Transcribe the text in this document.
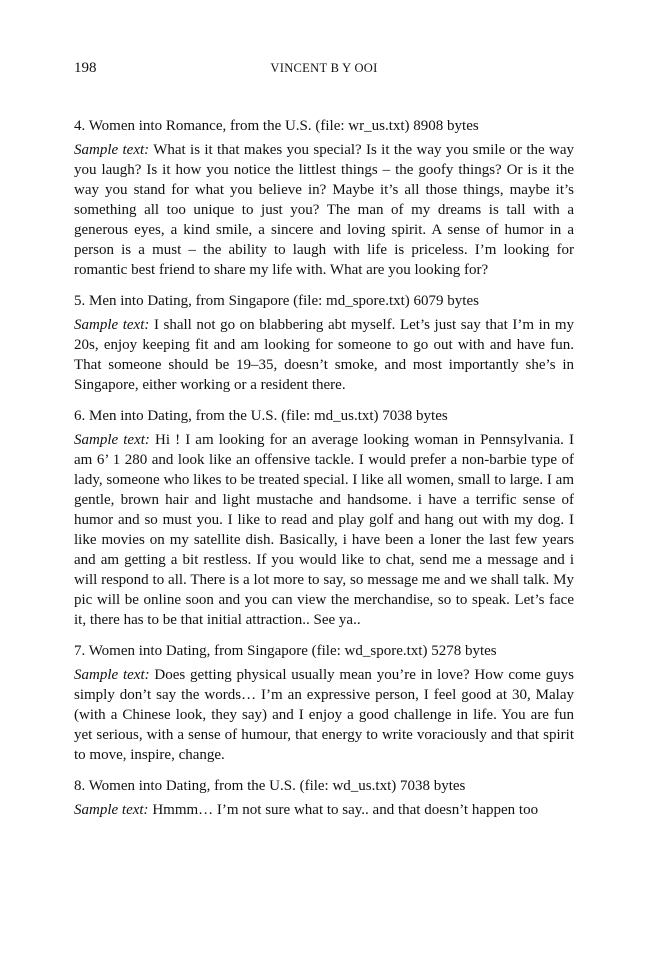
198	VINCENT B Y OOI

4. Women into Romance, from the U.S. (file: wr_us.txt) 8908 bytes

Sample text: What is it that makes you special? Is it the way you smile or the way you laugh? Is it how you notice the littlest things – the goofy things? Or is it the way you stand for what you believe in? Maybe it’s all those things, maybe it’s something all too unique to just you? The man of my dreams is tall with a generous eyes, a kind smile, a sincere and loving spirit. A sense of humor in a person is a must – the ability to laugh with life is priceless. I’m looking for romantic best friend to share my life with. What are you looking for?

5. Men into Dating, from Singapore (file: md_spore.txt) 6079 bytes

Sample text: I shall not go on blabbering abt myself. Let’s just say that I’m in my 20s, enjoy keeping fit and am looking for someone to go out with and have fun. That someone should be 19–35, doesn’t smoke, and most importantly she’s in Singapore, either working or a resident there.

6. Men into Dating, from the U.S. (file: md_us.txt) 7038 bytes

Sample text: Hi ! I am looking for an average looking woman in Pennsylvania. I am 6’ 1 280 and look like an offensive tackle. I would prefer a non-barbie type of lady, someone who likes to be treated special. I like all women, small to large. I am gentle, brown hair and light mustache and handsome. i have a terrific sense of humor and so must you. I like to read and play golf and hang out with my dog. I like movies on my satellite dish. Basically, i have been a loner the last few years and am getting a bit restless. If you would like to chat, send me a message and i will respond to all. There is a lot more to say, so message me and we shall talk. My pic will be online soon and you can view the merchandise, so to speak. Let’s face it, there has to be that initial attraction.. See ya..

7. Women into Dating, from Singapore (file: wd_spore.txt) 5278 bytes

Sample text: Does getting physical usually mean you’re in love? How come guys simply don’t say the words… I’m an expressive person, I feel good at 30, Malay (with a Chinese look, they say) and I enjoy a good challenge in life. You are fun yet serious, with a sense of humour, that energy to write voraciously and that spirit to move, inspire, change.

8. Women into Dating, from the U.S. (file: wd_us.txt) 7038 bytes

Sample text: Hmmm… I’m not sure what to say.. and that doesn’t happen too
